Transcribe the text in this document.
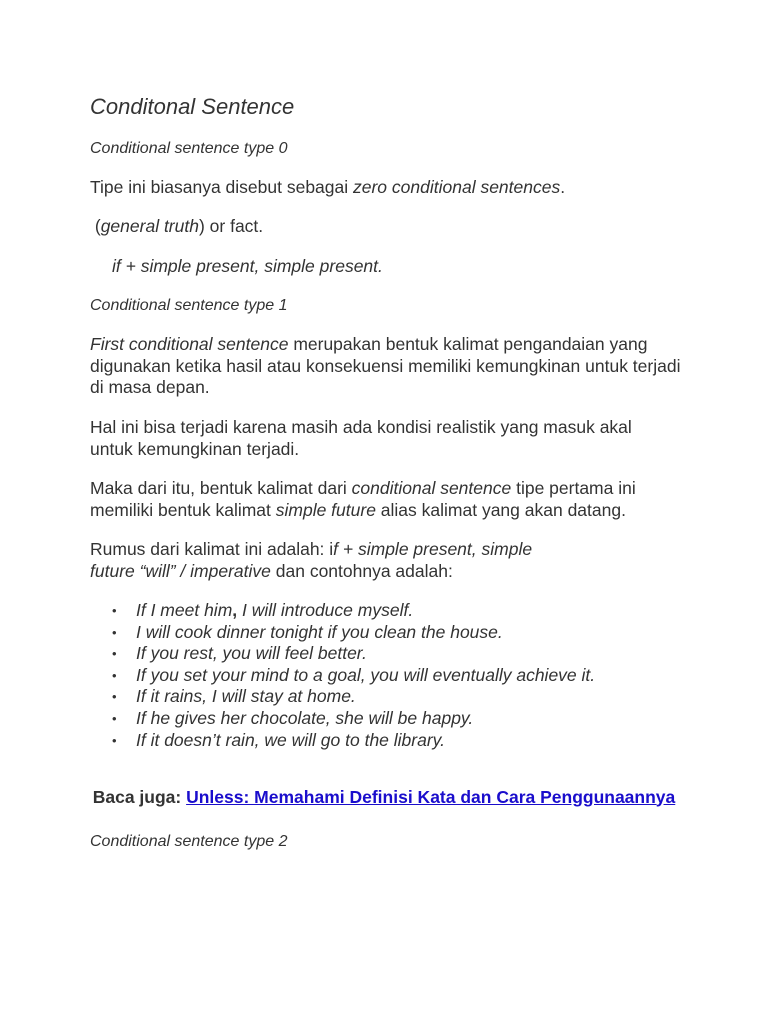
Conditonal Sentence

Conditional sentence type 0

Tipe ini biasanya disebut sebagai zero conditional sentences.

(general truth) or fact.

if + simple present, simple present.

Conditional sentence type 1

First conditional sentence merupakan bentuk kalimat pengandaian yang digunakan ketika hasil atau konsekuensi memiliki kemungkinan untuk terjadi di masa depan.

Hal ini bisa terjadi karena masih ada kondisi realistik yang masuk akal untuk kemungkinan terjadi.

Maka dari itu, bentuk kalimat dari conditional sentence tipe pertama ini memiliki bentuk kalimat simple future alias kalimat yang akan datang.

Rumus dari kalimat ini adalah: if + simple present, simple future “will” / imperative dan contohnya adalah:

• If I meet him, I will introduce myself.
• I will cook dinner tonight if you clean the house.
• If you rest, you will feel better.
• If you set your mind to a goal, you will eventually achieve it.
• If it rains, I will stay at home.
• If he gives her chocolate, she will be happy.
• If it doesn’t rain, we will go to the library.

Baca juga: Unless: Memahami Definisi Kata dan Cara Penggunaannya

Conditional sentence type 2
